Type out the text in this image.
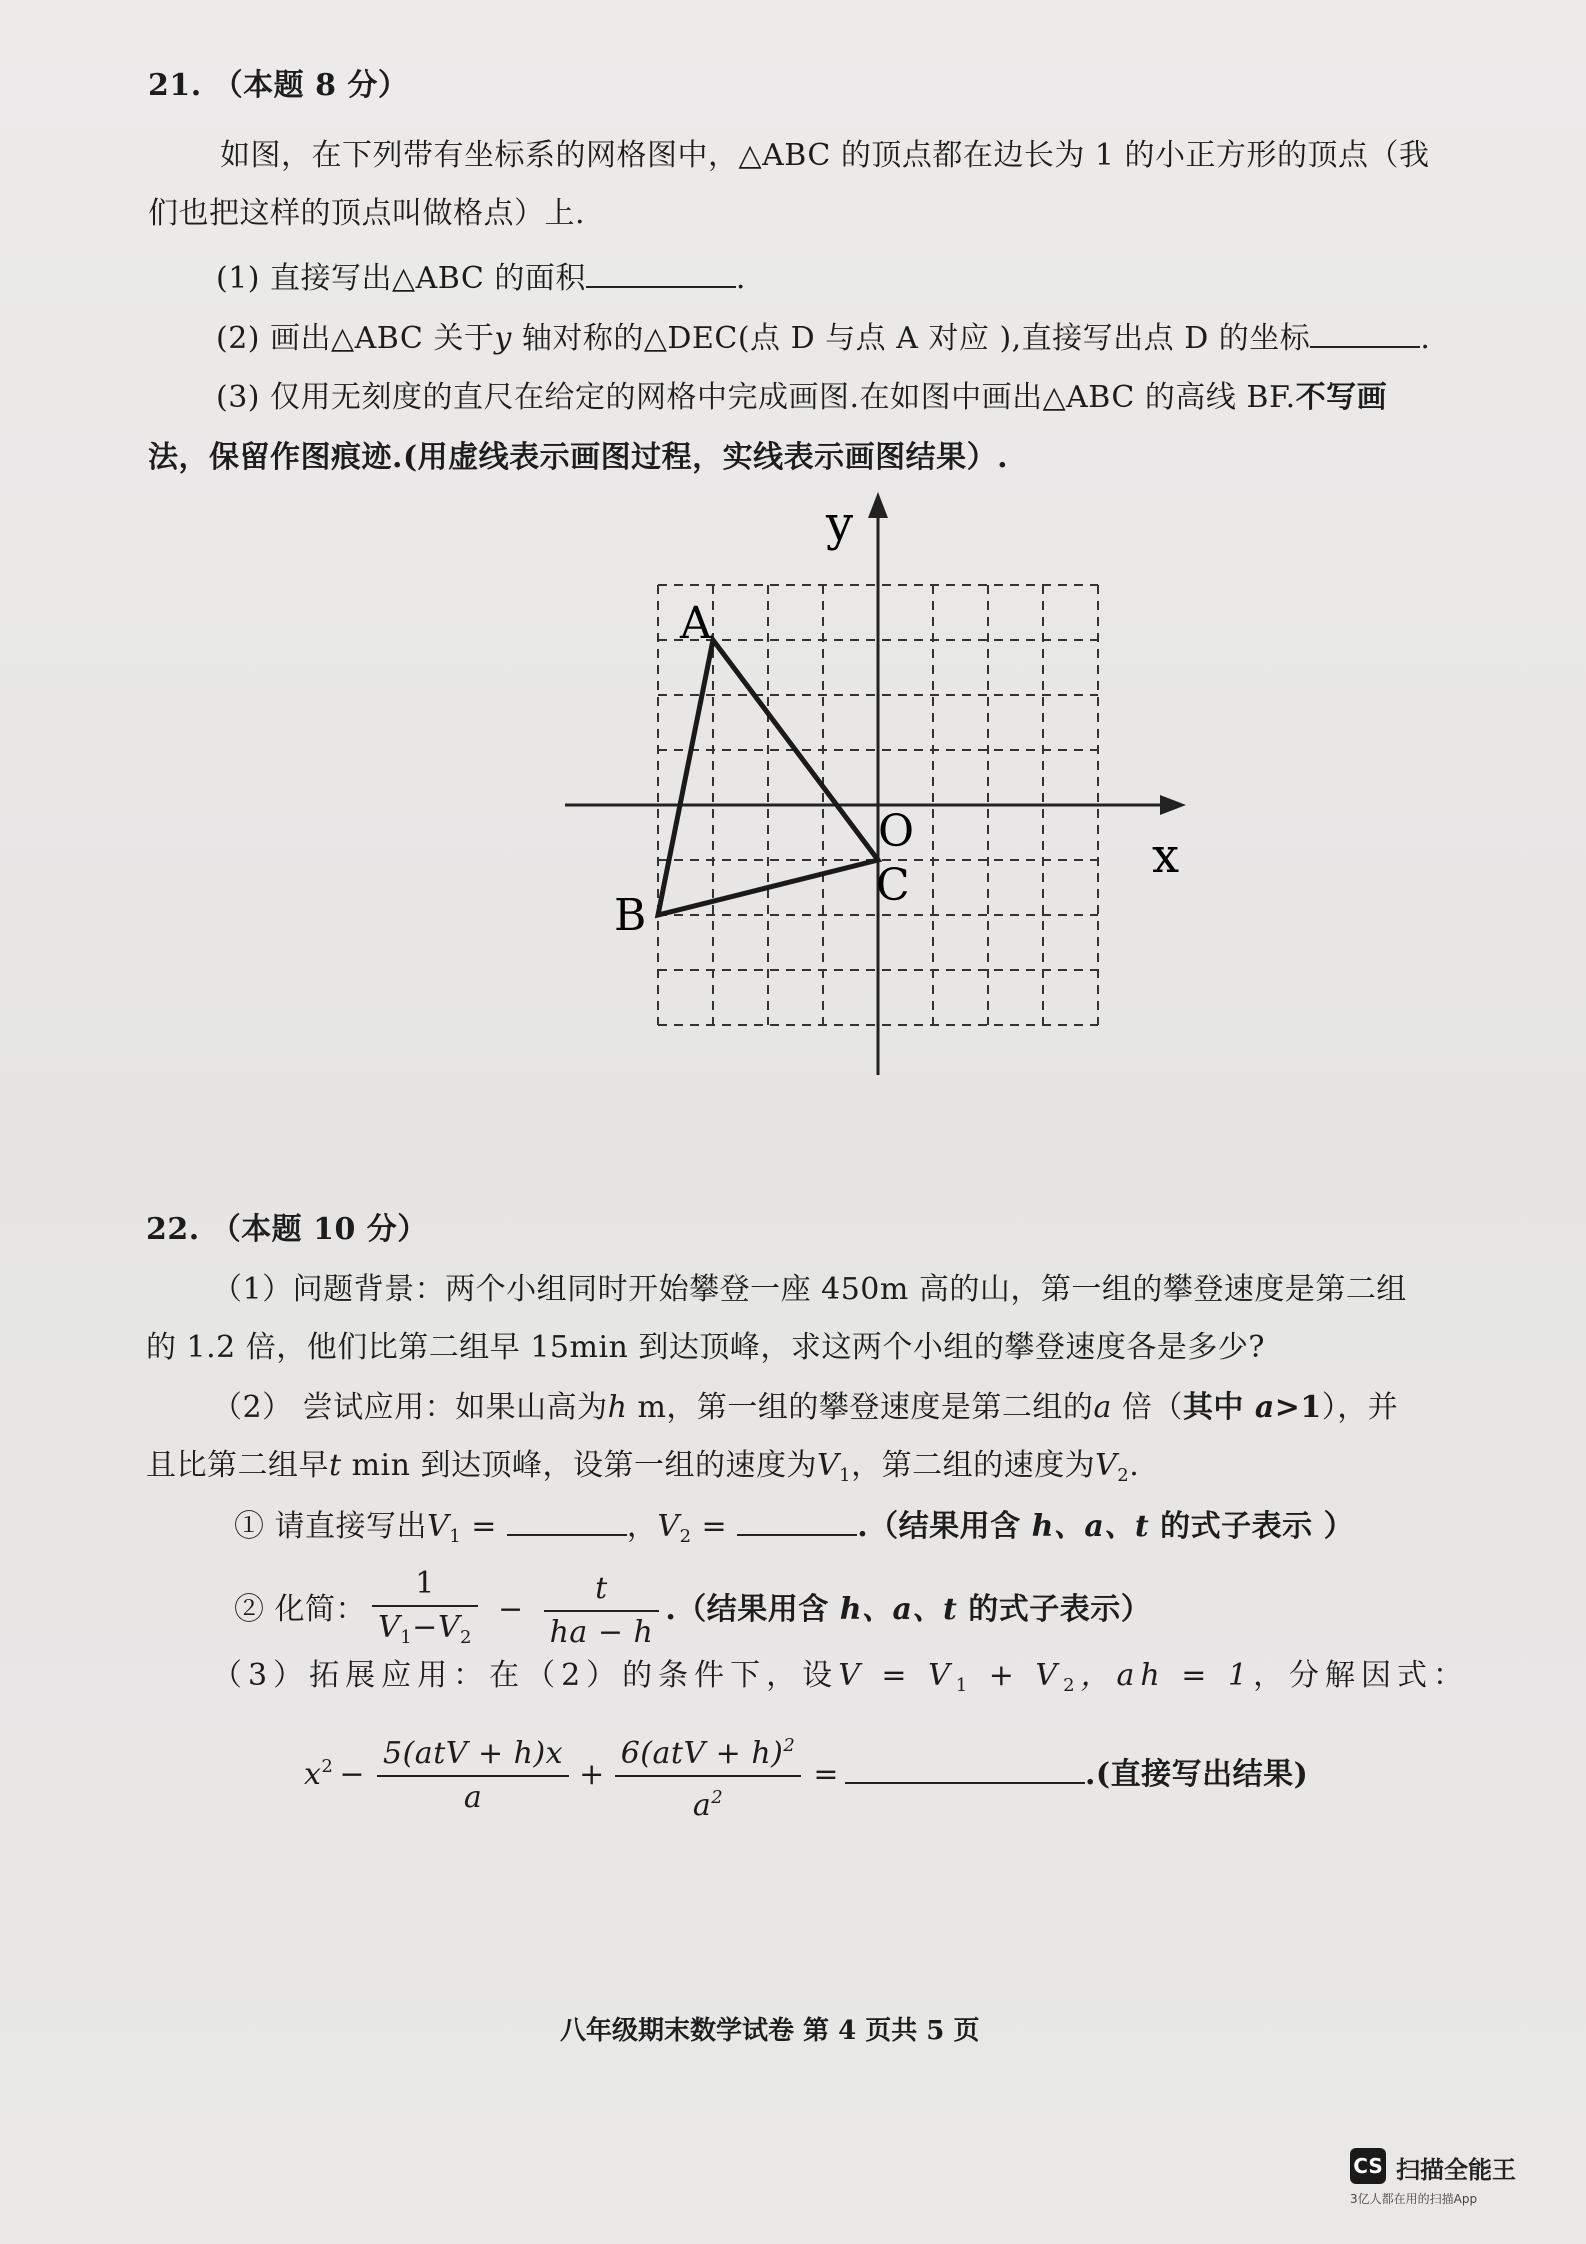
21. （本题 8 分）
如图，在下列带有坐标系的网格图中，△ABC 的顶点都在边长为 1 的小正方形的顶点（我
们也把这样的顶点叫做格点）上.
(1) 直接写出△ABC 的面积	.
(2) 画出△ABC 关于y 轴对称的△DEC(点 D 与点 A 对应 ),直接写出点 D 的坐标	.
(3) 仅用无刻度的直尺在给定的网格中完成画图.在如图中画出△ABC 的高线 BF.不写画
法，保留作图痕迹.(用虚线表示画图过程，实线表示画图结果）.
y
x
O
A
B
C
22. （本题 10 分）
（1）问题背景：两个小组同时开始攀登一座 450m 高的山，第一组的攀登速度是第二组
的 1.2 倍，他们比第二组早 15min 到达顶峰，求这两个小组的攀登速度各是多少?
（2） 尝试应用：如果山高为h m，第一组的攀登速度是第二组的a 倍（其中 a>1），并
且比第二组早t min 到达顶峰，设第一组的速度为$V_1$，第二组的速度为$V_2$.
① 请直接写出$V_1$ =	，$V_2$ =	.（结果用含 h、a、t 的式子表示 ）
② 化简： $\frac{1}{V_1-V_2} - \frac{t}{ha - h}$ .（结果用含 h、a、t 的式子表示）
（3）拓展应用：在（2）的条件下，设$V = V_1 + V_2$，ah = 1，分解因式：
$x^2 - \frac{\text{5(atV + h)x}}{a} + \frac{6(atV + h)^2}{a^2}$ =	.(直接写出结果)
八年级期末数学试卷 第 4 页共 5 页
CS 扫描全能王
3亿人都在用的扫描App
